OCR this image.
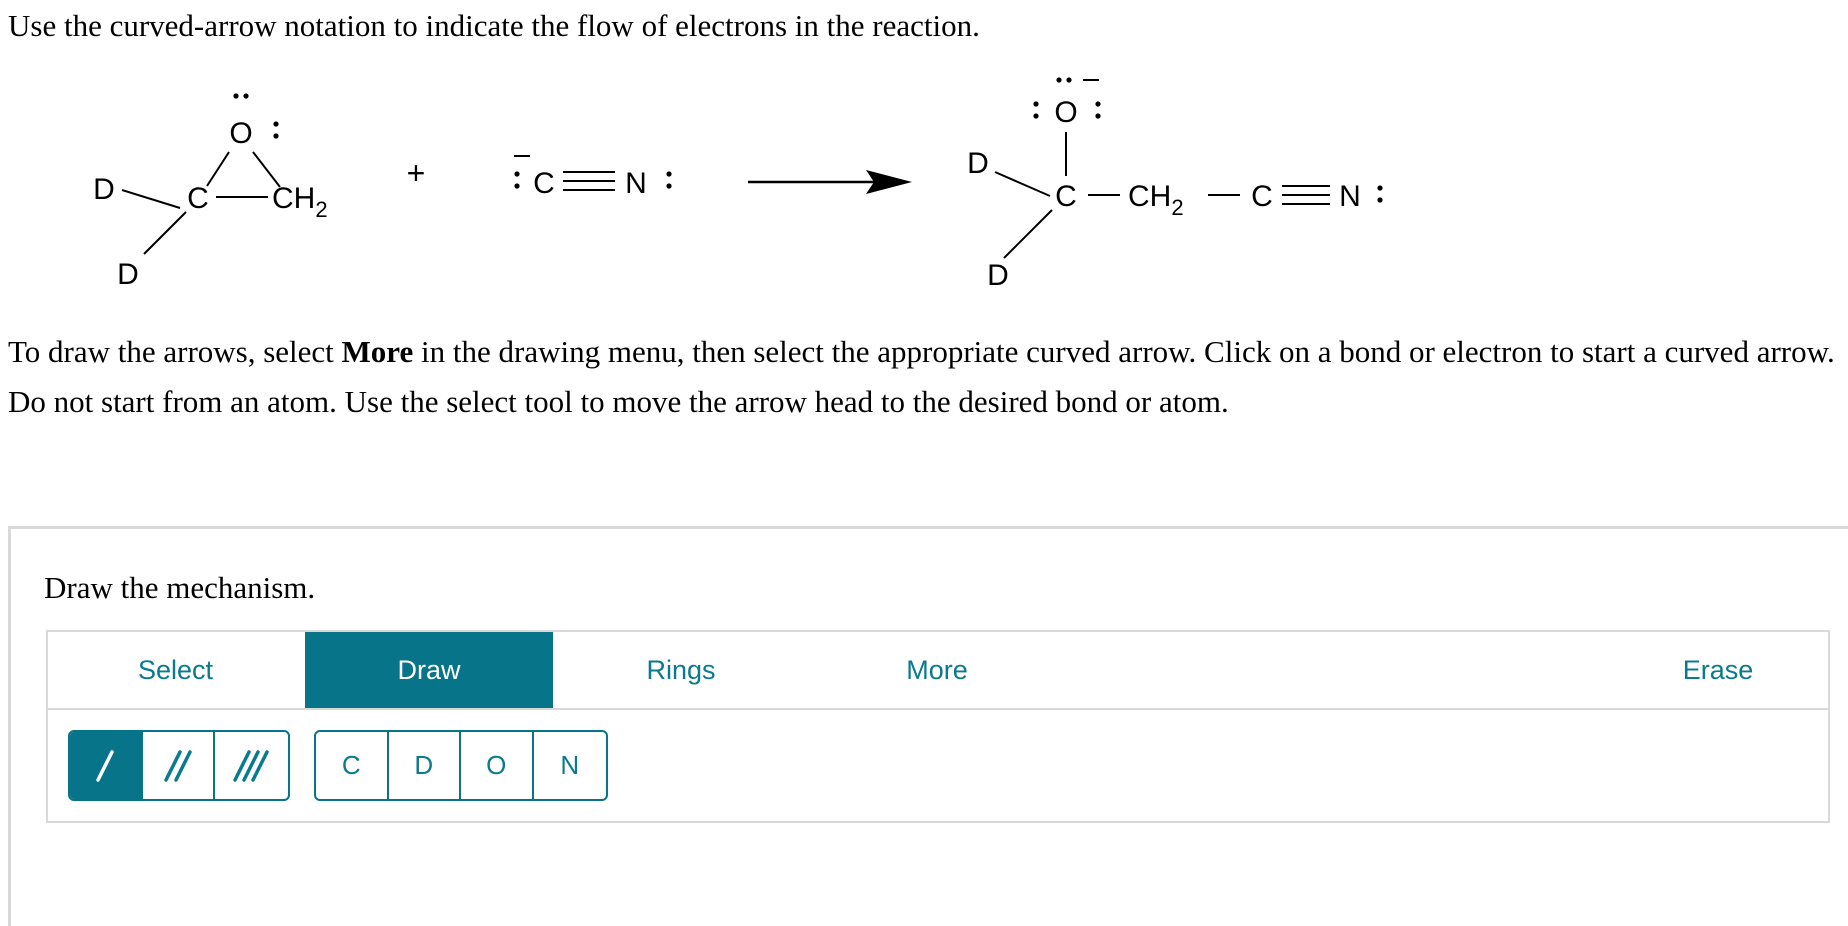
Use the curved-arrow notation to indicate the flow of electrons in the reaction.

O
C $CH_2$
D
D
+	C N
O
D
C
D
$CH_2$ C N

To draw the arrows, select More in the drawing menu, then select the appropriate curved arrow. Click on a bond or electron to start a curved arrow. Do not start from an atom. Use the select tool to move the arrow head to the desired bond or atom.

Draw the mechanism.

Select	Draw	Rings	More	Erase
C	D	O	N
